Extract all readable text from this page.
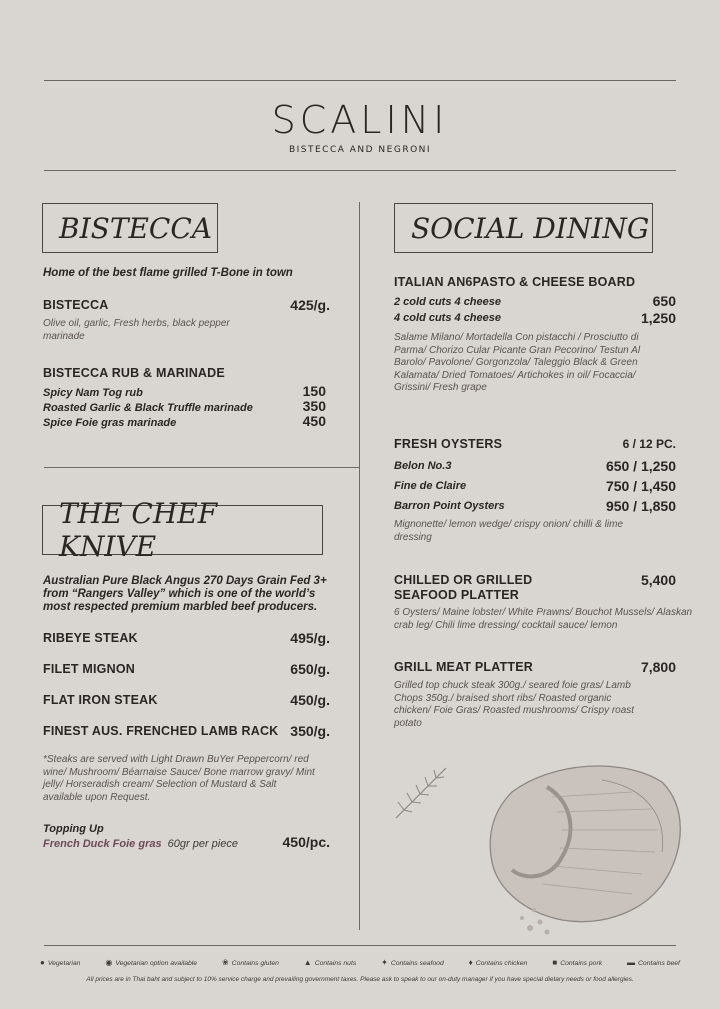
SCALINI
BISTECCA AND NEGRONI
BISTECCA
Home of the best flame grilled T-Bone in town
BISTECCA	425/g.
Olive oil, garlic, Fresh herbs, black pepper marinade
BISTECCA RUB & MARINADE
Spicy Nam Tog rub	150
Roasted Garlic & Black Truffle marinade	350
Spice Foie gras marinade	450
THE CHEF KNIVE
Australian Pure Black Angus 270 Days Grain Fed 3+ from “Rangers Valley” which is one of the world’s most respected premium marbled beef producers.
RIBEYE STEAK	495/g.
FILET MIGNON	650/g.
FLAT IRON STEAK	450/g.
FINEST AUS. FRENCHED LAMB RACK 350/g.
*Steaks are served with Light Drawn BuYer Peppercorn/ red wine/ Mushroom/ Béarnaise Sauce/ Bone marrow gravy/ Mint jelly/ Horseradish cream/ Selection of Mustard & Salt available upon Request.
Topping Up
French Duck Foie gras 60gr per piece	450/pc.
SOCIAL DINING
ITALIAN AN6PASTO & CHEESE BOARD
2 cold cuts 4 cheese	650
4 cold cuts 4 cheese	1,250
Salame Milano/ Mortadella Con pistacchi / Prosciutto di Parma/ Chorizo Cular Picante Gran Pecorino/ Testun Al Barolo/ Pavolone/ Gorgonzola/ Taleggio Black & Green Kalamata/ Dried Tomatoes/ Artichokes in oil/ Focaccia/ Grissini/ Fresh grape
FRESH OYSTERS	6 / 12 PC.
Belon No.3	650 / 1,250
Fine de Claire	750 / 1,450
Barron Point Oysters	950 / 1,850
Mignonette/ lemon wedge/ crispy onion/ chilli & lime dressing
CHILLED OR GRILLED
SEAFOOD PLATTER
5,400
6 Oysters/ Maine lobster/ White Prawns/ Bouchot Mussels/ Alaskan crab leg/ Chili lime dressing/ cocktail sauce/ lemon
GRILL MEAT PLATTER	7,800
Grilled top chuck steak 300g./ seared foie gras/ Lamb Chops 350g./ braised short ribs/ Roasted organic chicken/ Foie Gras/ Roasted mushrooms/ Crispy roast potato
● Vegetarian	◉ Vegetarian option available	❀ Contains gluten	▲ Contains nuts	✦ Contains seafood	♦ Contains chicken	■ Contains pork	▬ Contains beef
All prices are in Thai baht and subject to 10% service charge and prevailing government taxes. Please ask to speak to our on-duty manager if you have special dietary needs or food allergies.
